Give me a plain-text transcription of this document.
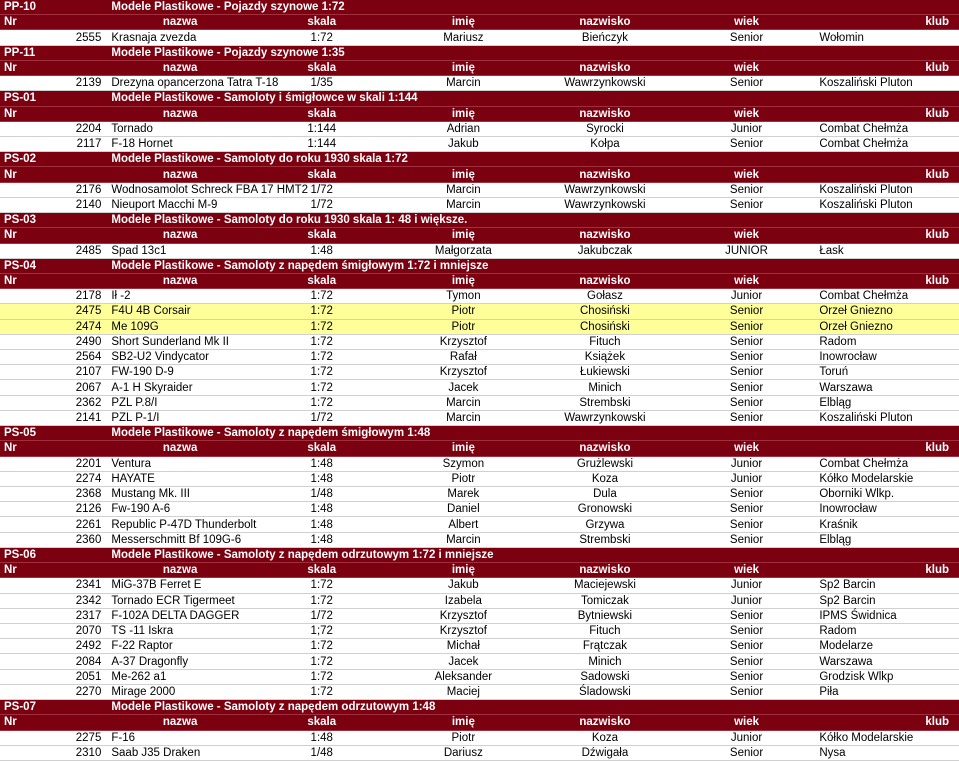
PP-10	Modele Plastikowe - Pojazdy szynowe 1:72					
Nr	nazwa	skala	imię	nazwisko	wiek	klub
2555	Krasnaja zvezda	1:72	Mariusz	Bieńczyk	Senior	Wołomin
PP-11	Modele Plastikowe - Pojazdy szynowe 1:35					
Nr	nazwa	skala	imię	nazwisko	wiek	klub
2139	Drezyna opancerzona Tatra T-18	1/35	Marcin	Wawrzynkowski	Senior	Koszaliński Pluton
PS-01	Modele Plastikowe - Samoloty i śmigłowce w skali 1:144					
Nr	nazwa	skala	imię	nazwisko	wiek	klub
2204	Tornado	1:144	Adrian	Syrocki	Junior	Combat Chełmża
2117	F-18 Hornet	1:144	Jakub	Kołpa	Senior	Combat Chełmża
PS-02	Modele Plastikowe - Samoloty do roku 1930 skala 1:72					
Nr	nazwa	skala	imię	nazwisko	wiek	klub
2176	Wodnosamolot Schreck FBA 17 HMT2	1/72	Marcin	Wawrzynkowski	Senior	Koszaliński Pluton
2140	Nieuport Macchi M-9	1/72	Marcin	Wawrzynkowski	Senior	Koszaliński Pluton
PS-03	Modele Plastikowe - Samoloty do roku 1930 skala 1: 48 i większe.					
Nr	nazwa	skala	imię	nazwisko	wiek	klub
2485	Spad 13c1	1:48	Małgorzata	Jakubczak	JUNIOR	Łask
PS-04	Modele Plastikowe - Samoloty z napędem śmigłowym 1:72 i mniejsze					
Nr	nazwa	skala	imię	nazwisko	wiek	klub
2178	Ił -2	1:72	Tymon	Gołasz	Junior	Combat Chełmża
2475	F4U 4B Corsair	1:72	Piotr	Chosiński	Senior	Orzeł Gniezno
2474	Me 109G	1:72	Piotr	Chosiński	Senior	Orzeł Gniezno
2490	Short Sunderland Mk II	1:72	Krzysztof	Fituch	Senior	Radom
2564	SB2-U2 Vindycator	1:72	Rafał	Książek	Senior	Inowrocław
2107	FW-190 D-9	1:72	Krzysztof	Łukiewski	Senior	Toruń
2067	A-1 H Skyraider	1:72	Jacek	Minich	Senior	Warszawa
2362	PZL P.8/I	1:72	Marcin	Strembski	Senior	Elbląg
2141	PZL P-1/I	1/72	Marcin	Wawrzynkowski	Senior	Koszaliński Pluton
PS-05	Modele Plastikowe - Samoloty z napędem śmigłowym 1:48					
Nr	nazwa	skala	imię	nazwisko	wiek	klub
2201	Ventura	1:48	Szymon	Grużlewski	Junior	Combat Chełmża
2274	HAYATE	1:48	Piotr	Koza	Junior	Kółko Modelarskie
2368	Mustang Mk. III	1/48	Marek	Dula	Senior	Oborniki Wlkp.
2126	Fw-190 A-6	1:48	Daniel	Gronowski	Senior	Inowrocław
2261	Republic P-47D Thunderbolt	1:48	Albert	Grzywa	Senior	Kraśnik
2360	Messerschmitt Bf 109G-6	1:48	Marcin	Strembski	Senior	Elbląg
PS-06	Modele Plastikowe - Samoloty z napędem odrzutowym 1:72 i mniejsze					
Nr	nazwa	skala	imię	nazwisko	wiek	klub
2341	MiG-37B Ferret E	1:72	Jakub	Maciejewski	Junior	Sp2 Barcin
2342	Tornado ECR Tigermeet	1:72	Izabela	Tomiczak	Junior	Sp2 Barcin
2317	F-102A DELTA DAGGER	1/72	Krzysztof	Bytniewski	Senior	IPMS Świdnica
2070	TS -11 Iskra	1;72	Krzysztof	Fituch	Senior	Radom
2492	F-22 Raptor	1:72	Michał	Frątczak	Senior	Modelarze
2084	A-37 Dragonfly	1:72	Jacek	Minich	Senior	Warszawa
2051	Me-262 a1	1:72	Aleksander	Sadowski	Senior	Grodzisk Wlkp
2270	Mirage 2000	1:72	Maciej	Śladowski	Senior	Piła
PS-07	Modele Plastikowe - Samoloty z napędem odrzutowym 1:48					
Nr	nazwa	skala	imię	nazwisko	wiek	klub
2275	F-16	1:48	Piotr	Koza	Junior	Kółko Modelarskie
2310	Saab J35 Draken	1/48	Dariusz	Dźwigała	Senior	Nysa
